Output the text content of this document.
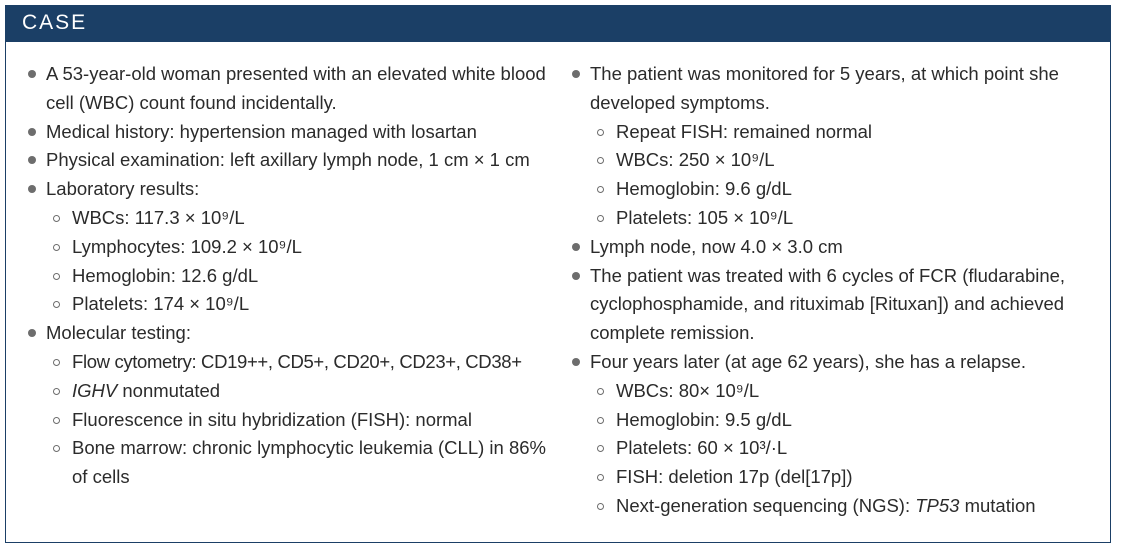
CASE
A 53-year-old woman presented with an elevated white blood cell (WBC) count found incidentally.
Medical history: hypertension managed with losartan
Physical examination: left axillary lymph node, 1 cm × 1 cm
Laboratory results:
WBCs: 117.3 × 10⁹/L
Lymphocytes: 109.2 × 10⁹/L
Hemoglobin: 12.6 g/dL
Platelets: 174 × 10⁹/L
Molecular testing:
Flow cytometry: CD19++, CD5+, CD20+, CD23+, CD38+
IGHV nonmutated
Fluorescence in situ hybridization (FISH): normal
Bone marrow: chronic lymphocytic leukemia (CLL) in 86% of cells
The patient was monitored for 5 years, at which point she developed symptoms.
Repeat FISH: remained normal
WBCs: 250 × 10⁹/L
Hemoglobin: 9.6 g/dL
Platelets: 105 × 10⁹/L
Lymph node, now 4.0 × 3.0 cm
The patient was treated with 6 cycles of FCR (fludarabine, cyclophosphamide, and rituximab [Rituxan]) and achieved complete remission.
Four years later (at age 62 years), she has a relapse.
WBCs: 80× 10⁹/L
Hemoglobin: 9.5 g/dL
Platelets: 60 × 10³/·L
FISH: deletion 17p (del[17p])
Next-generation sequencing (NGS): TP53 mutation
